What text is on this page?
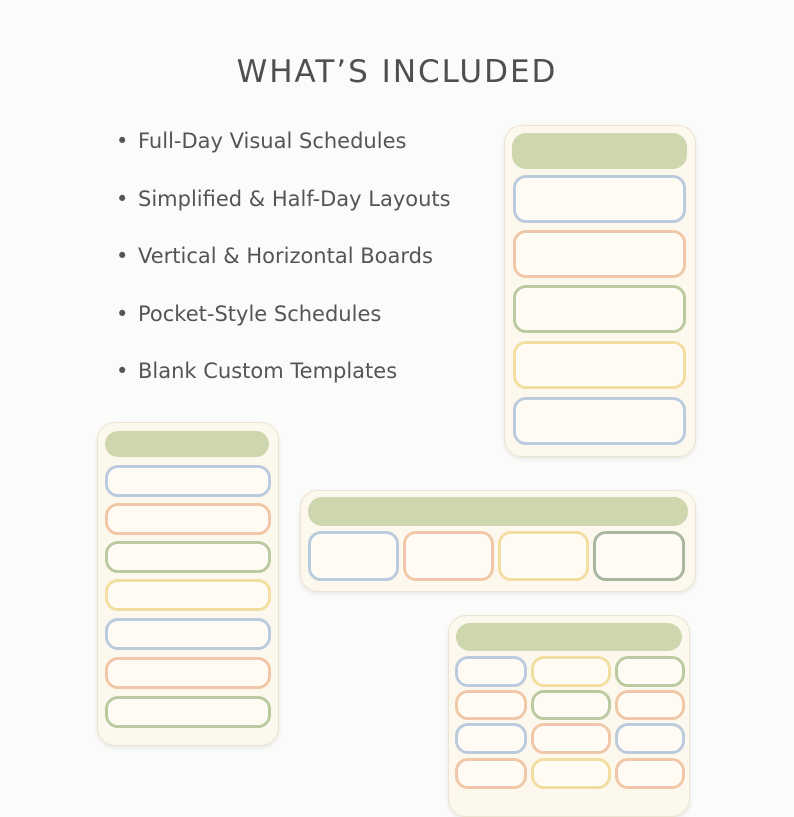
WHAT’S INCLUDED
• Full-Day Visual Schedules
• Simplified & Half-Day Layouts
• Vertical & Horizontal Boards
• Pocket-Style Schedules
• Blank Custom Templates
